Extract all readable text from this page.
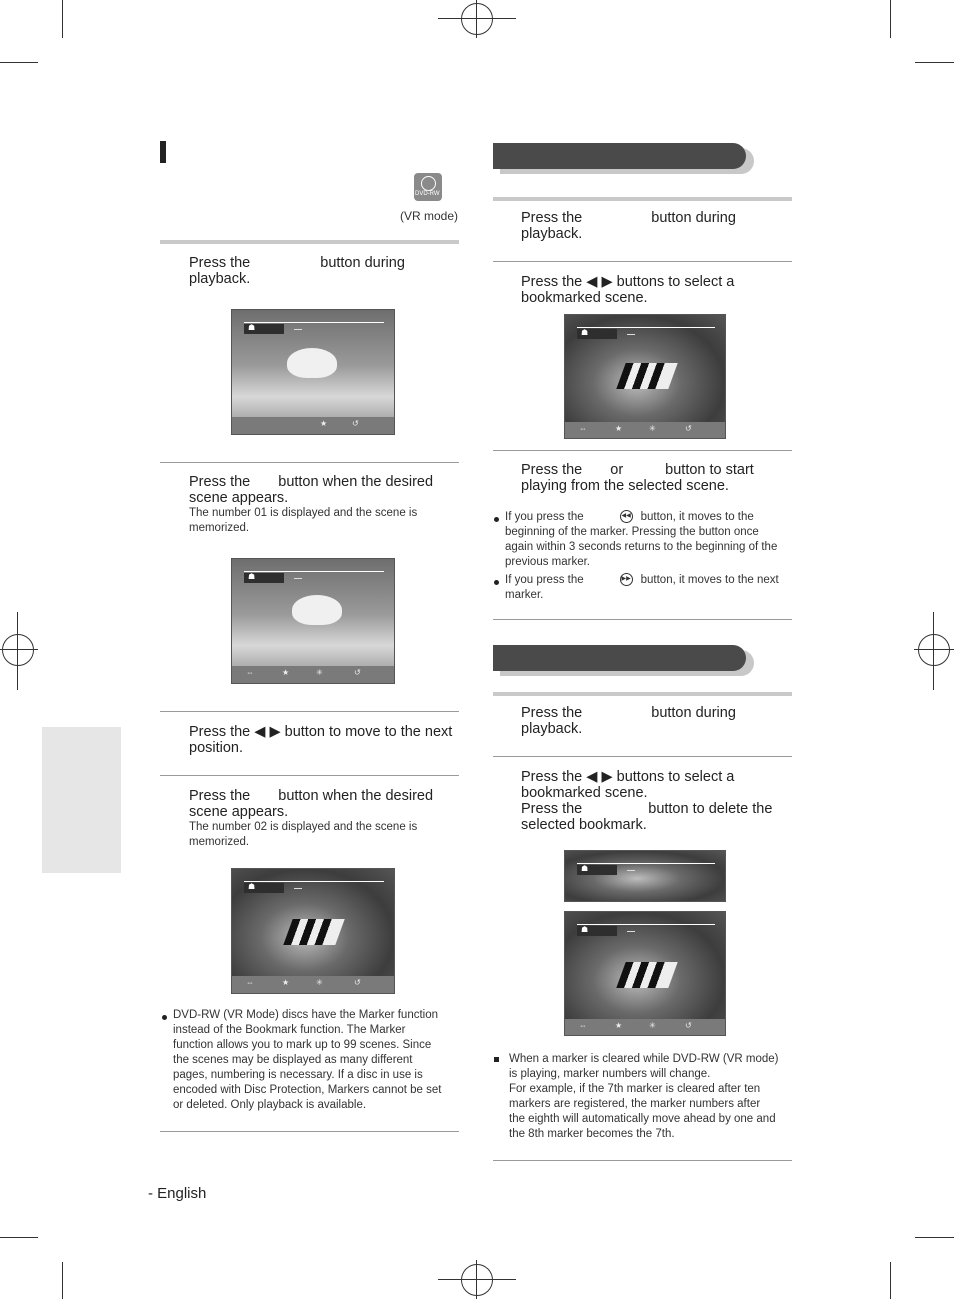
DVD-RW
(VR mode)
Press the	button during
playback.
☗
★	↺
Press the button when the desired
scene appears.
The number 01 is displayed and the scene is
memorized.
☗
⇔	★	✳	↺
Press the ◀ ▶ button to move to the next
position.
Press the button when the desired
scene appears.
The number 02 is displayed and the scene is
memorized.
☗
⇔	★	✳	↺
DVD-RW (VR Mode) discs have the Marker function
instead of the Bookmark function. The Marker
function allows you to mark up to 99 scenes. Since
the scenes may be displayed as many different
pages, numbering is necessary. If a disc in use is
encoded with Disc Protection, Markers cannot be set
or deleted. Only playback is available.
- English
Press the	button during
playback.
Press the ◀ ▶ buttons to select a
bookmarked scene.
☗
⇔	★	✳	↺
Press the or	button to start
playing from the selected scene.
If you press the	◀◀ button, it moves to the
beginning of the marker. Pressing the button once
again within 3 seconds returns to the beginning of the
previous marker.
If you press the	▶▶ button, it moves to the next
marker.
Press the	button during
playback.
Press the ◀ ▶ buttons to select a
bookmarked scene.
Press the	button to delete the
selected bookmark.
☗
☗
⇔	★	✳	↺
When a marker is cleared while DVD-RW (VR mode)
is playing, marker numbers will change.
For example, if the 7th marker is cleared after ten
markers are registered, the marker numbers after
the eighth will automatically move ahead by one and
the 8th marker becomes the 7th.
